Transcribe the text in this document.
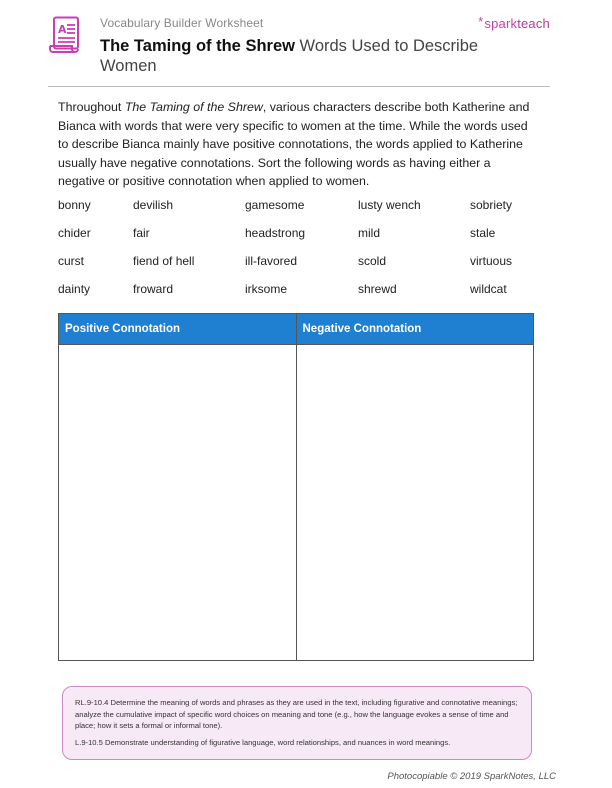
A	Vocabulary Builder Worksheet
The Taming of the Shrew Words Used to Describe Women
*sparkteach
Throughout The Taming of the Shrew, various characters describe both Katherine and Bianca with words that were very specific to women at the time. While the words used to describe Bianca mainly have positive connotations, the words applied to Katherine usually have negative connotations. Sort the following words as having either a negative or positive connotation when applied to women.
bonny	devilish	gamesome	lusty wench	sobriety
chider	fair	headstrong	mild	stale
curst	fiend of hell	ill-favored	scold	virtuous
dainty	froward	irksome	shrewd	wildcat
Positive Connotation	Negative Connotation

RL.9-10.4 Determine the meaning of words and phrases as they are used in the text, including figurative and connotative meanings; analyze the cumulative impact of specific word choices on meaning and tone (e.g., how the language evokes a sense of time and place; how it sets a formal or informal tone).

L.9-10.5 Demonstrate understanding of figurative language, word relationships, and nuances in word meanings.

Photocopiable © 2019 SparkNotes, LLC
